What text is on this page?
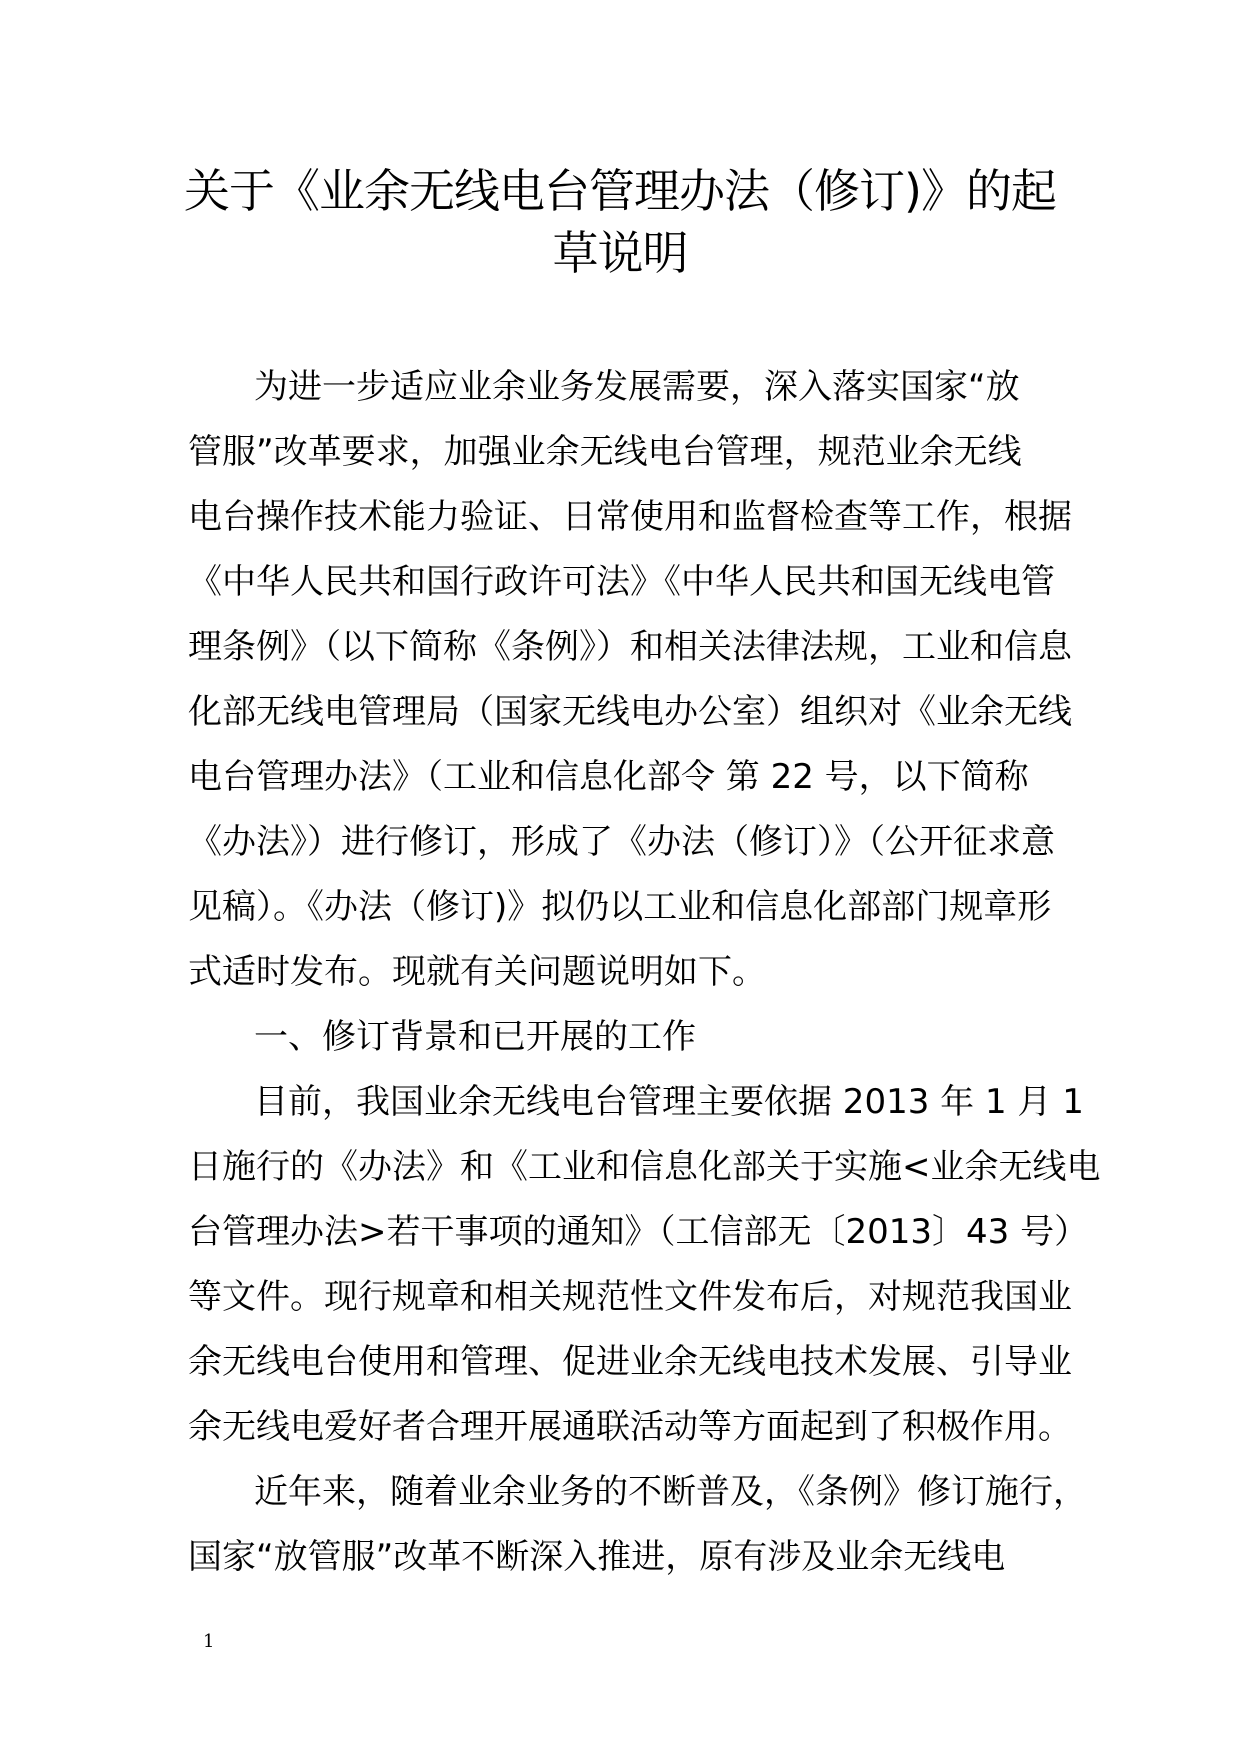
关于《业余无线电台管理办法（修订)》的起
草说明
为进一步适应业余业务发展需要，深入落实国家“放
管服”改革要求，加强业余无线电台管理，规范业余无线
电台操作技术能力验证、日常使用和监督检查等工作，根据
《中华人民共和国行政许可法》《中华人民共和国无线电管
理条例》（以下简称《条例》）和相关法律法规，工业和信息
化部无线电管理局（国家无线电办公室）组织对《业余无线
电台管理办法》（工业和信息化部令 第 22 号，以下简称
《办法》）进行修订，形成了《办法（修订）》（公开征求意
见稿）。《办法（修订)》拟仍以工业和信息化部部门规章形
式适时发布。现就有关问题说明如下。
一、修订背景和已开展的工作
目前，我国业余无线电台管理主要依据 2013 年 1 月 1
日施行的《办法》和《工业和信息化部关于实施<业余无线电
台管理办法>若干事项的通知》（工信部无〔2013〕43 号）
等文件。现行规章和相关规范性文件发布后，对规范我国业
余无线电台使用和管理、促进业余无线电技术发展、引导业
余无线电爱好者合理开展通联活动等方面起到了积极作用。
近年来，随着业余业务的不断普及，《条例》修订施行，
国家“放管服”改革不断深入推进，原有涉及业余无线电
1
